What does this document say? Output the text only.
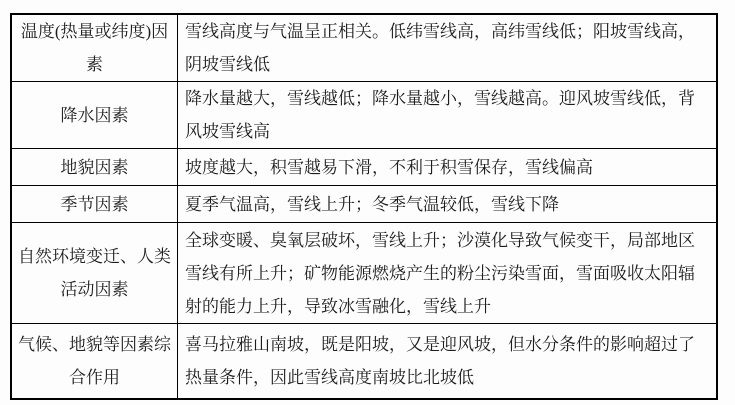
温度(热量或纬度)因素	雪线高度与气温呈正相关。低纬雪线高，高纬雪线低；阳坡雪线高，阴坡雪线低
降水因素	降水量越大，雪线越低；降水量越小，雪线越高。迎风坡雪线低，背风坡雪线高
地貌因素	坡度越大，积雪越易下滑，不利于积雪保存，雪线偏高
季节因素	夏季气温高，雪线上升；冬季气温较低，雪线下降
自然环境变迁、人类活动因素	全球变暖、臭氧层破坏，雪线上升；沙漠化导致气候变干，局部地区雪线有所上升；矿物能源燃烧产生的粉尘污染雪面，雪面吸收太阳辐射的能力上升，导致冰雪融化，雪线上升
气候、地貌等因素综合作用	喜马拉雅山南坡，既是阳坡，又是迎风坡，但水分条件的影响超过了热量条件，因此雪线高度南坡比北坡低
